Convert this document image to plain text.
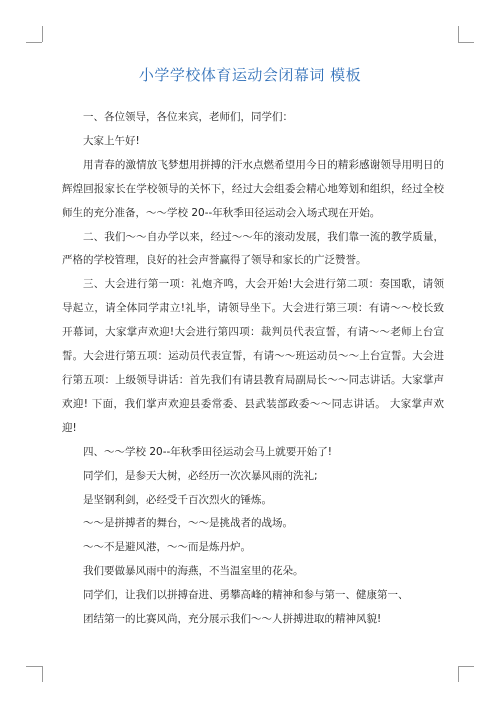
小学学校体育运动会闭幕词 模板

一、各位领导，各位来宾，老师们，同学们：

大家上午好!

用青春的激情放飞梦想用拼搏的汗水点燃希望用今日的精彩感谢领导用明日的辉煌回报家长在学校领导的关怀下，经过大会组委会精心地筹划和组织，经过全校师生的充分准备，～～学校 20--年秋季田径运动会入场式现在开始。

二、我们～～自办学以来，经过～～年的滚动发展，我们靠一流的教学质量，严格的学校管理，良好的社会声誉赢得了领导和家长的广泛赞誉。

三、大会进行第一项：礼炮齐鸣，大会开始!大会进行第二项：奏国歌，请领导起立，请全体同学肃立!礼毕，请领导坐下。大会进行第三项：有请～～校长致开幕词，大家掌声欢迎!大会进行第四项：裁判员代表宣誓，有请～～老师上台宣誓。大会进行第五项：运动员代表宣誓，有请～～班运动员～～上台宣誓。大会进行第五项：上级领导讲话：首先我们有请县教育局副局长～～同志讲话。大家掌声欢迎! 下面，我们掌声欢迎县委常委、县武装部政委～～同志讲话。 大家掌声欢迎!

四、～～学校 20--年秋季田径运动会马上就要开始了!

同学们，是参天大树，必经历一次次暴风雨的洗礼;

是坚钢利剑，必经受千百次烈火的锤炼。

～～是拼搏者的舞台，～～是挑战者的战场。

～～不是避风港，～～而是炼丹炉。

我们要做暴风雨中的海燕，不当温室里的花朵。

同学们，让我们以拼搏奋进、勇攀高峰的精神和参与第一、健康第一、

团结第一的比赛风尚，充分展示我们～～人拼搏进取的精神风貌!
